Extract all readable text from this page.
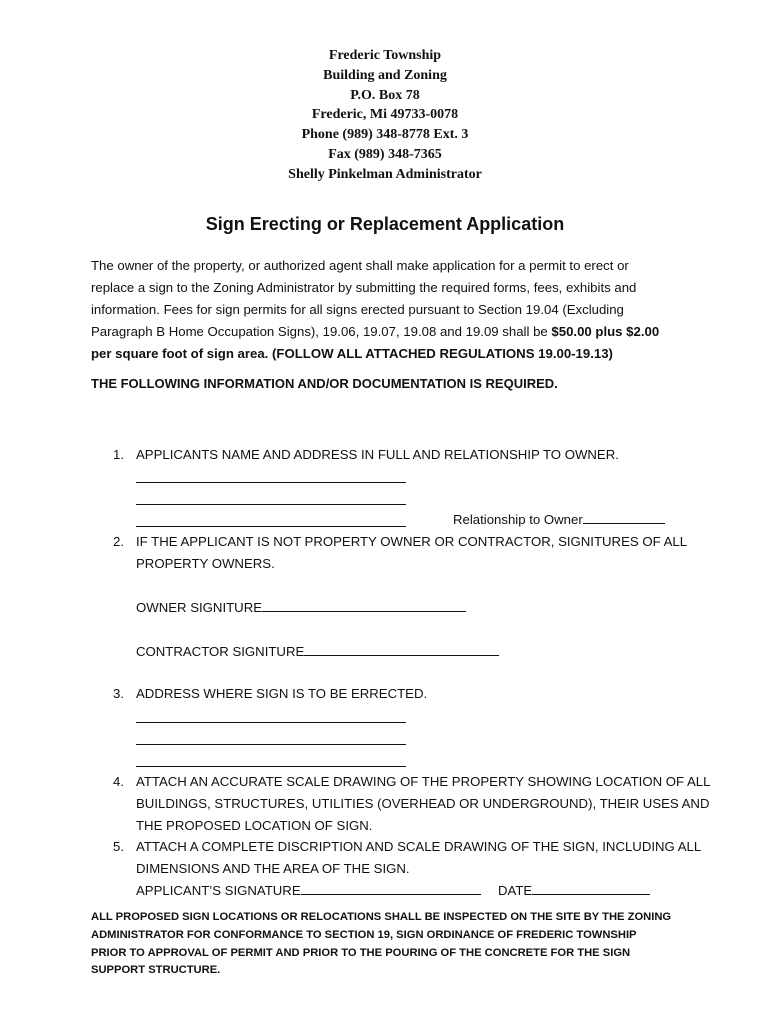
Frederic Township
Building and Zoning
P.O. Box 78
Frederic, Mi 49733-0078
Phone (989) 348-8778 Ext. 3
Fax (989) 348-7365
Shelly Pinkelman Administrator
Sign Erecting or Replacement Application
The owner of the property, or authorized agent shall make application for a permit to erect or
replace a sign to the Zoning Administrator by submitting the required forms, fees, exhibits and
information. Fees for sign permits for all signs erected pursuant to Section 19.04 (Excluding
Paragraph B Home Occupation Signs), 19.06, 19.07, 19.08 and 19.09 shall be $50.00 plus $2.00
per square foot of sign area. (FOLLOW ALL ATTACHED REGULATIONS 19.00-19.13)
THE FOLLOWING INFORMATION AND/OR DOCUMENTATION IS REQUIRED.
1. APPLICANTS NAME AND ADDRESS IN FULL AND RELATIONSHIP TO OWNER.
Relationship to Owner
2. IF THE APPLICANT IS NOT PROPERTY OWNER OR CONTRACTOR, SIGNITURES OF ALL
PROPERTY OWNERS.
OWNER SIGNITURE
CONTRACTOR SIGNITURE
3. ADDRESS WHERE SIGN IS TO BE ERRECTED.
4. ATTACH AN ACCURATE SCALE DRAWING OF THE PROPERTY SHOWING LOCATION OF ALL
BUILDINGS, STRUCTURES, UTILITIES (OVERHEAD OR UNDERGROUND), THEIR USES AND
THE PROPOSED LOCATION OF SIGN.
5. ATTACH A COMPLETE DISCRIPTION AND SCALE DRAWING OF THE SIGN, INCLUDING ALL
DIMENSIONS AND THE AREA OF THE SIGN.
APPLICANT’S SIGNATURE	DATE
ALL PROPOSED SIGN LOCATIONS OR RELOCATIONS SHALL BE INSPECTED ON THE SITE BY THE ZONING
ADMINISTRATOR FOR CONFORMANCE TO SECTION 19, SIGN ORDINANCE OF FREDERIC TOWNSHIP
PRIOR TO APPROVAL OF PERMIT AND PRIOR TO THE POURING OF THE CONCRETE FOR THE SIGN
SUPPORT STRUCTURE.
